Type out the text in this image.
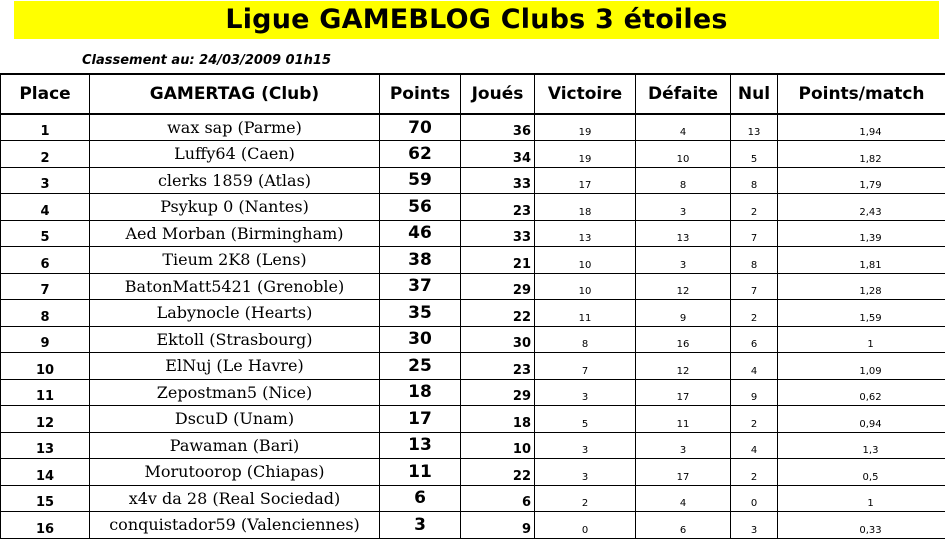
Ligue GAMEBLOG Clubs 3 étoiles
Classement au: 24/03/2009 01h15
Place	GAMERTAG (Club)	Points	Joués	Victoire	Défaite	Nul	Points/match
1	wax sap (Parme)	70	36	19	4	13	1,94
2	Luffy64 (Caen)	62	34	19	10	5	1,82
3	clerks 1859 (Atlas)	59	33	17	8	8	1,79
4	Psykup 0 (Nantes)	56	23	18	3	2	2,43
5	Aed Morban (Birmingham)	46	33	13	13	7	1,39
6	Tieum 2K8 (Lens)	38	21	10	3	8	1,81
7	BatonMatt5421 (Grenoble)	37	29	10	12	7	1,28
8	Labynocle (Hearts)	35	22	11	9	2	1,59
9	Ektoll (Strasbourg)	30	30	8	16	6	1
10	ElNuj (Le Havre)	25	23	7	12	4	1,09
11	Zepostman5 (Nice)	18	29	3	17	9	0,62
12	DscuD (Unam)	17	18	5	11	2	0,94
13	Pawaman (Bari)	13	10	3	3	4	1,3
14	Morutoorop (Chiapas)	11	22	3	17	2	0,5
15	x4v da 28 (Real Sociedad)	6	6	2	4	0	1
16	conquistador59 (Valenciennes)	3	9	0	6	3	0,33
